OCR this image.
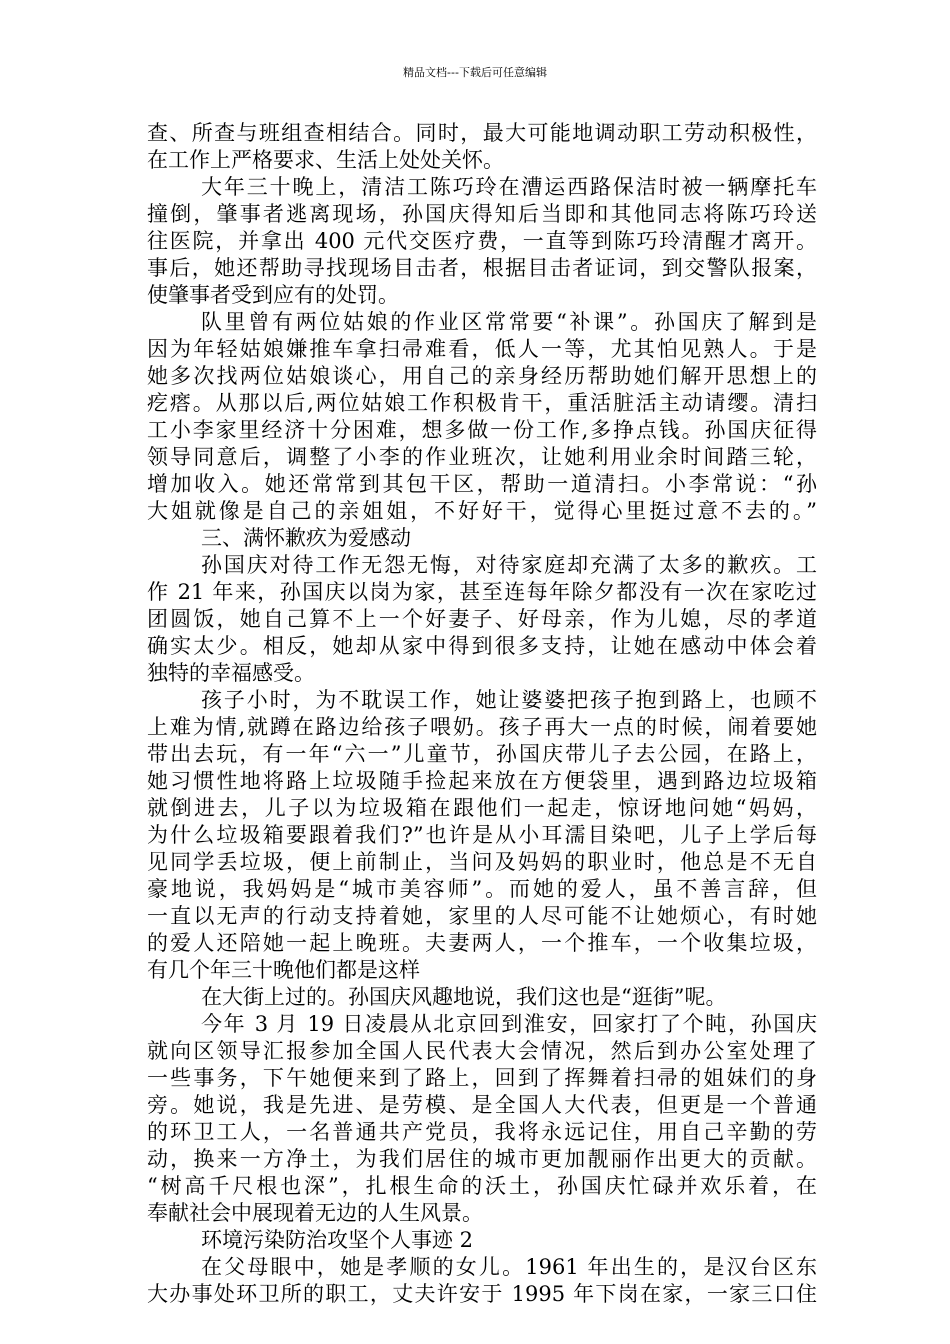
精品文档---下载后可任意编辑
查、所查与班组查相结合。同时，最大可能地调动职工劳动积极性，
在工作上严格要求、生活上处处关怀。
大年三十晚上，清洁工陈巧玲在漕运西路保洁时被一辆摩托车
撞倒，肇事者逃离现场，孙国庆得知后当即和其他同志将陈巧玲送
往医院，并拿出 400 元代交医疗费，一直等到陈巧玲清醒才离开。
事后，她还帮助寻找现场目击者，根据目击者证词，到交警队报案，
使肇事者受到应有的处罚。
队里曾有两位姑娘的作业区常常要“补课”。孙国庆了解到是
因为年轻姑娘嫌推车拿扫帚难看，低人一等，尤其怕见熟人。于是
她多次找两位姑娘谈心，用自己的亲身经历帮助她们解开思想上的
疙瘩。从那以后,两位姑娘工作积极肯干，重活脏活主动请缨。清扫
工小李家里经济十分困难，想多做一份工作,多挣点钱。孙国庆征得
领导同意后，调整了小李的作业班次，让她利用业余时间踏三轮，
增加收入。她还常常到其包干区，帮助一道清扫。小李常说：“孙
大姐就像是自己的亲姐姐，不好好干，觉得心里挺过意不去的。”
三、满怀歉疚为爱感动
孙国庆对待工作无怨无悔，对待家庭却充满了太多的歉疚。工
作 21 年来，孙国庆以岗为家，甚至连每年除夕都没有一次在家吃过
团圆饭，她自己算不上一个好妻子、好母亲，作为儿媳，尽的孝道
确实太少。相反，她却从家中得到很多支持，让她在感动中体会着
独特的幸福感受。
孩子小时，为不耽误工作，她让婆婆把孩子抱到路上，也顾不
上难为情,就蹲在路边给孩子喂奶。孩子再大一点的时候，闹着要她
带出去玩，有一年“六一”儿童节，孙国庆带儿子去公园，在路上，
她习惯性地将路上垃圾随手捡起来放在方便袋里，遇到路边垃圾箱
就倒进去，儿子以为垃圾箱在跟他们一起走，惊讶地问她“妈妈，
为什么垃圾箱要跟着我们?”也许是从小耳濡目染吧，儿子上学后每
见同学丢垃圾，便上前制止，当问及妈妈的职业时，他总是不无自
豪地说，我妈妈是“城市美容师”。而她的爱人，虽不善言辞，但
一直以无声的行动支持着她，家里的人尽可能不让她烦心，有时她
的爱人还陪她一起上晚班。夫妻两人，一个推车，一个收集垃圾，
有几个年三十晚他们都是这样
在大街上过的。孙国庆风趣地说，我们这也是“逛街”呢。
今年 3 月 19 日凌晨从北京回到淮安，回家打了个盹，孙国庆
就向区领导汇报参加全国人民代表大会情况，然后到办公室处理了
一些事务，下午她便来到了路上，回到了挥舞着扫帚的姐妹们的身
旁。她说，我是先进、是劳模、是全国人大代表，但更是一个普通
的环卫工人，一名普通共产党员，我将永远记住，用自己辛勤的劳
动，换来一方净土，为我们居住的城市更加靓丽作出更大的贡献。
“树高千尺根也深”，扎根生命的沃土，孙国庆忙碌并欢乐着，在
奉献社会中展现着无边的人生风景。
环境污染防治攻坚个人事迹 2
在父母眼中，她是孝顺的女儿。1961 年出生的，是汉台区东
大办事处环卫所的职工，丈夫许安于 1995 年下岗在家，一家三口住
